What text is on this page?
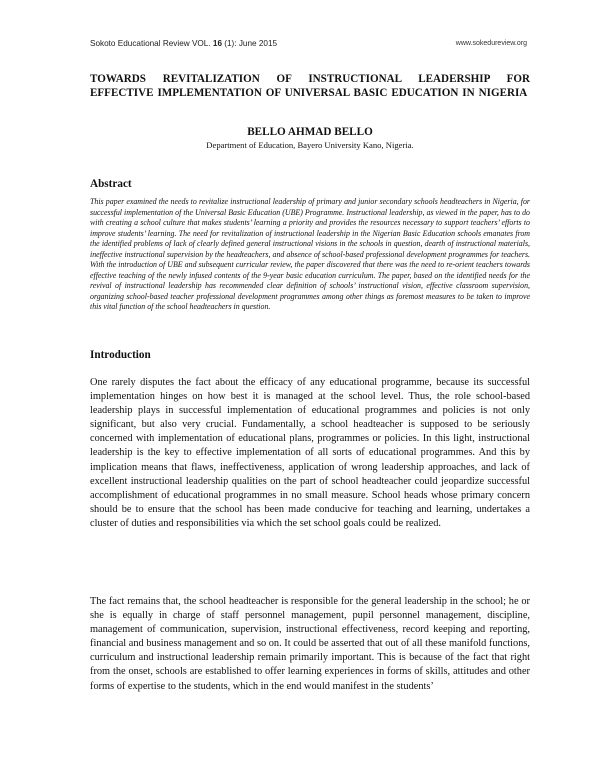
Sokoto Educational Review VOL. 16 (1): June 2015	www.sokedureview.org
TOWARDS REVITALIZATION OF INSTRUCTIONAL LEADERSHIP FOR EFFECTIVE IMPLEMENTATION OF UNIVERSAL BASIC EDUCATION IN NIGERIA
BELLO AHMAD BELLO
Department of Education, Bayero University Kano, Nigeria.
Abstract

This paper examined the needs to revitalize instructional leadership of primary and junior secondary schools headteachers in Nigeria, for successful implementation of the Universal Basic Education (UBE) Programme. Instructional leadership, as viewed in the paper, has to do with creating a school culture that makes students’ learning a priority and provides the resources necessary to support teachers’ efforts to improve students’ learning. The need for revitalization of instructional leadership in the Nigerian Basic Education schools emanates from the identified problems of lack of clearly defined general instructional visions in the schools in question, dearth of instructional materials, ineffective instructional supervision by the headteachers, and absence of school-based professional development programmes for teachers. With the introduction of UBE and subsequent curricular review, the paper discovered that there was the need to re-orient teachers towards effective teaching of the newly infused contents of the 9-year basic education curriculum. The paper, based on the identified needs for the revival of instructional leadership has recommended clear definition of schools’ instructional vision, effective classroom supervision, organizing school-based teacher professional development programmes among other things as foremost measures to be taken to improve this vital function of the school headteachers in question.

Introduction

One rarely disputes the fact about the efficacy of any educational programme, because its successful implementation hinges on how best it is managed at the school level. Thus, the role school-based leadership plays in successful implementation of educational programmes and policies is not only significant, but also very crucial. Fundamentally, a school headteacher is supposed to be seriously concerned with implementation of educational plans, programmes or policies. In this light, instructional leadership is the key to effective implementation of all sorts of educational programmes. And this by implication means that flaws, ineffectiveness, application of wrong leadership approaches, and lack of excellent instructional leadership qualities on the part of school headteacher could jeopardize successful accomplishment of educational programmes in no small measure. School heads whose primary concern should be to ensure that the school has been made conducive for teaching and learning, undertakes a cluster of duties and responsibilities via which the set school goals could be realized.

The fact remains that, the school headteacher is responsible for the general leadership in the school; he or she is equally in charge of staff personnel management, pupil personnel management, discipline, management of communication, supervision, instructional effectiveness, record keeping and reporting, financial and business management and so on. It could be asserted that out of all these manifold functions, curriculum and instructional leadership remain primarily important. This is because of the fact that right from the onset, schools are established to offer learning experiences in forms of skills, attitudes and other forms of expertise to the students, which in the end would manifest in the students’
